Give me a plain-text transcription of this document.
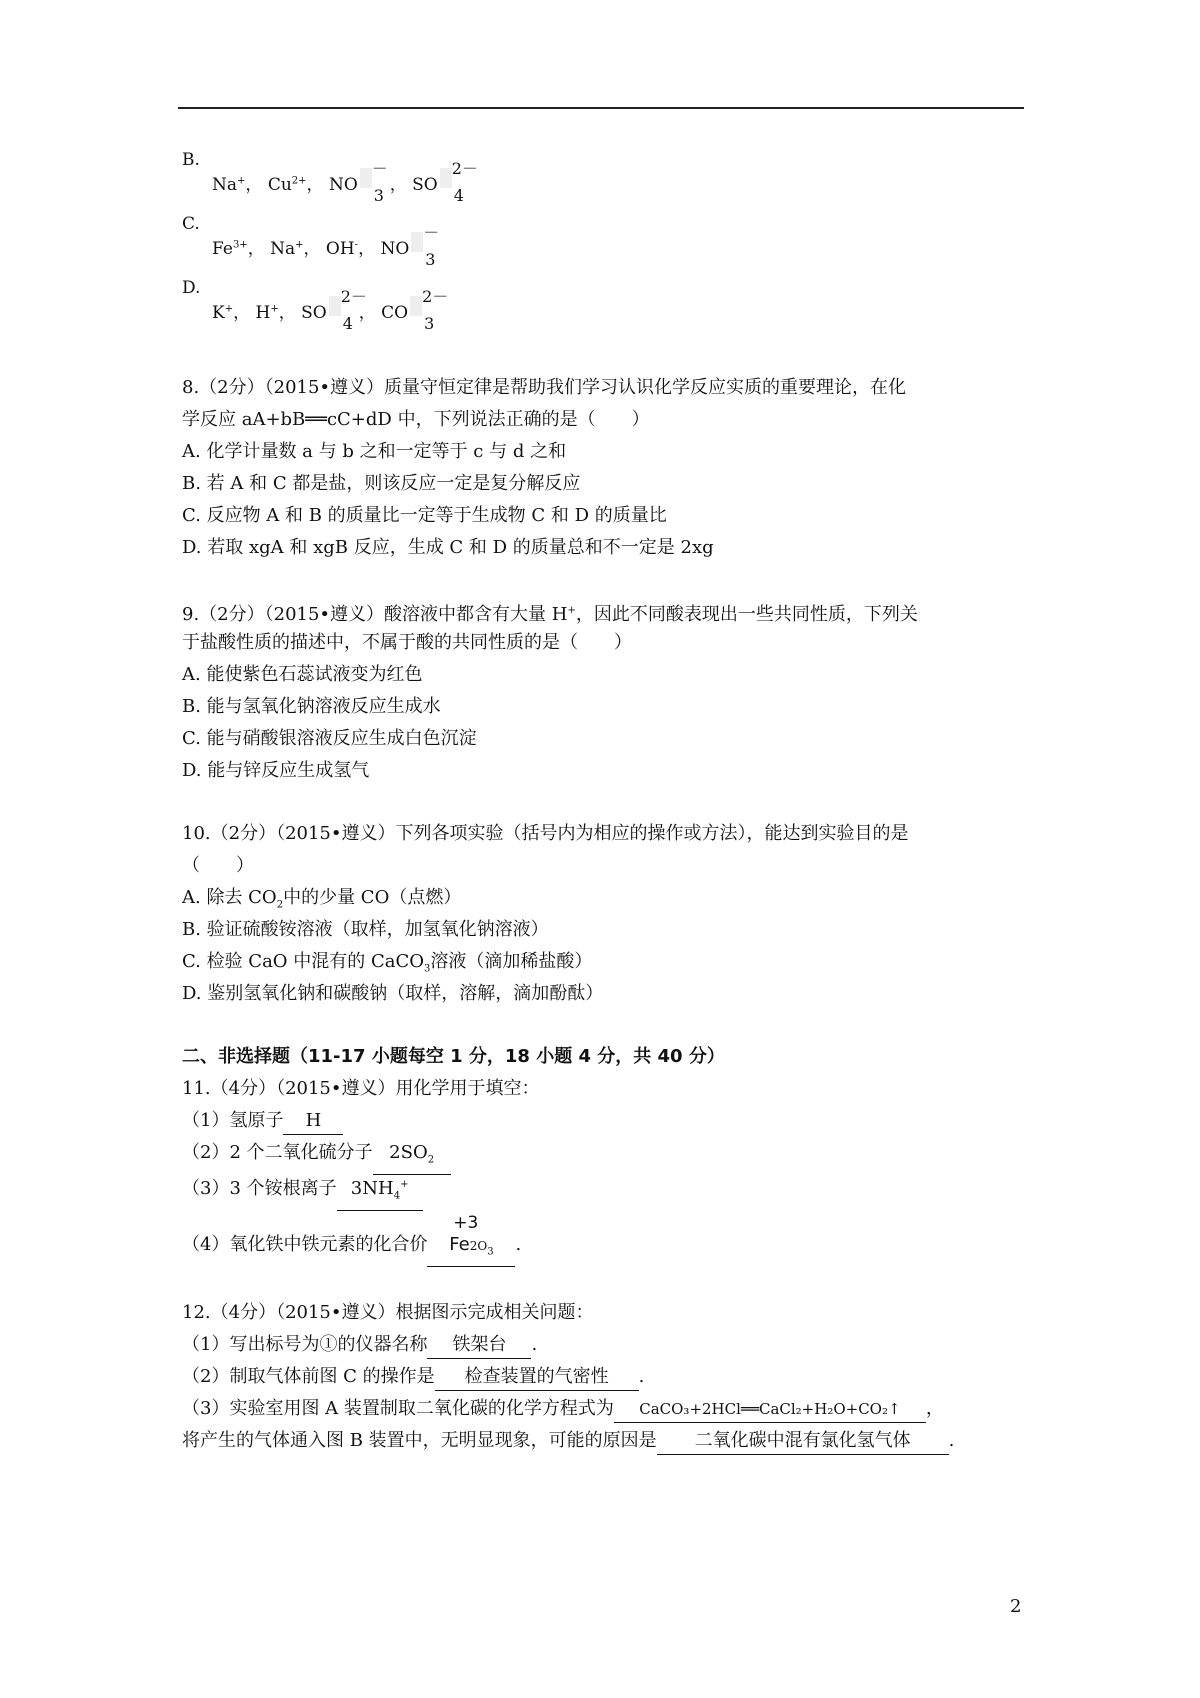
B.
Na+， $Cu^{2+}$， NO
－
3
， SO
2－
4
C.
$Fe^{3+}$， Na+， OH-， NO
－
3
D.
K+， H+， SO
2－
4
， CO
2－
3
8.（2分）（2015•遵义）质量守恒定律是帮助我们学习认识化学反应实质的重要理论，在化
学反应 aA+bB══cC+dD 中，下列说法正确的是（　　）
A. 化学计量数 a 与 b 之和一定等于 c 与 d 之和
B. 若 A 和 C 都是盐，则该反应一定是复分解反应
C. 反应物 A 和 B 的质量比一定等于生成物 C 和 D 的质量比
D. 若取 xgA 和 xgB 反应，生成 C 和 D 的质量总和不一定是 2xg
9.（2分）（2015•遵义）酸溶液中都含有大量 H+，因此不同酸表现出一些共同性质，下列关
于盐酸性质的描述中，不属于酸的共同性质的是（　　）
A. 能使紫色石蕊试液变为红色
B. 能与氢氧化钠溶液反应生成水
C. 能与硝酸银溶液反应生成白色沉淀
D. 能与锌反应生成氢气
10.（2分）（2015•遵义）下列各项实验（括号内为相应的操作或方法），能达到实验目的是
（　　）
A. 除去 $CO_2$中的少量 CO（点燃）
B. 验证硫酸铵溶液（取样，加氢氧化钠溶液）
C. 检验 CaO 中混有的 CaCO$_3$溶液（滴加稀盐酸）
D. 鉴别氢氧化钠和碳酸钠（取样，溶解，滴加酚酞）
二、非选择题（11-17 小题每空 1 分，18 小题 4 分，共 40 分）
11.（4分）（2015•遵义）用化学用于填空：
（1）氢原子 H
（2）2 个二氧化硫分子 $2SO_2$
（3）3 个铵根离子 $3NH_4^+$
（4）氧化铁中铁元素的化合价
+3
$Fe2O_3$ .
12.（4分）（2015•遵义）根据图示完成相关问题：
（1）写出标号为①的仪器名称 铁架台 .
（2）制取气体前图 C 的操作是 检查装置的气密性 .
（3）实验室用图 A 装置制取二氧化碳的化学方程式为 CaCO₃+2HCl══CaCl₂+H₂O+CO₂↑ ，
将产生的气体通入图 B 装置中，无明显现象，可能的原因是 二氧化碳中混有氯化氢气体 .
2
